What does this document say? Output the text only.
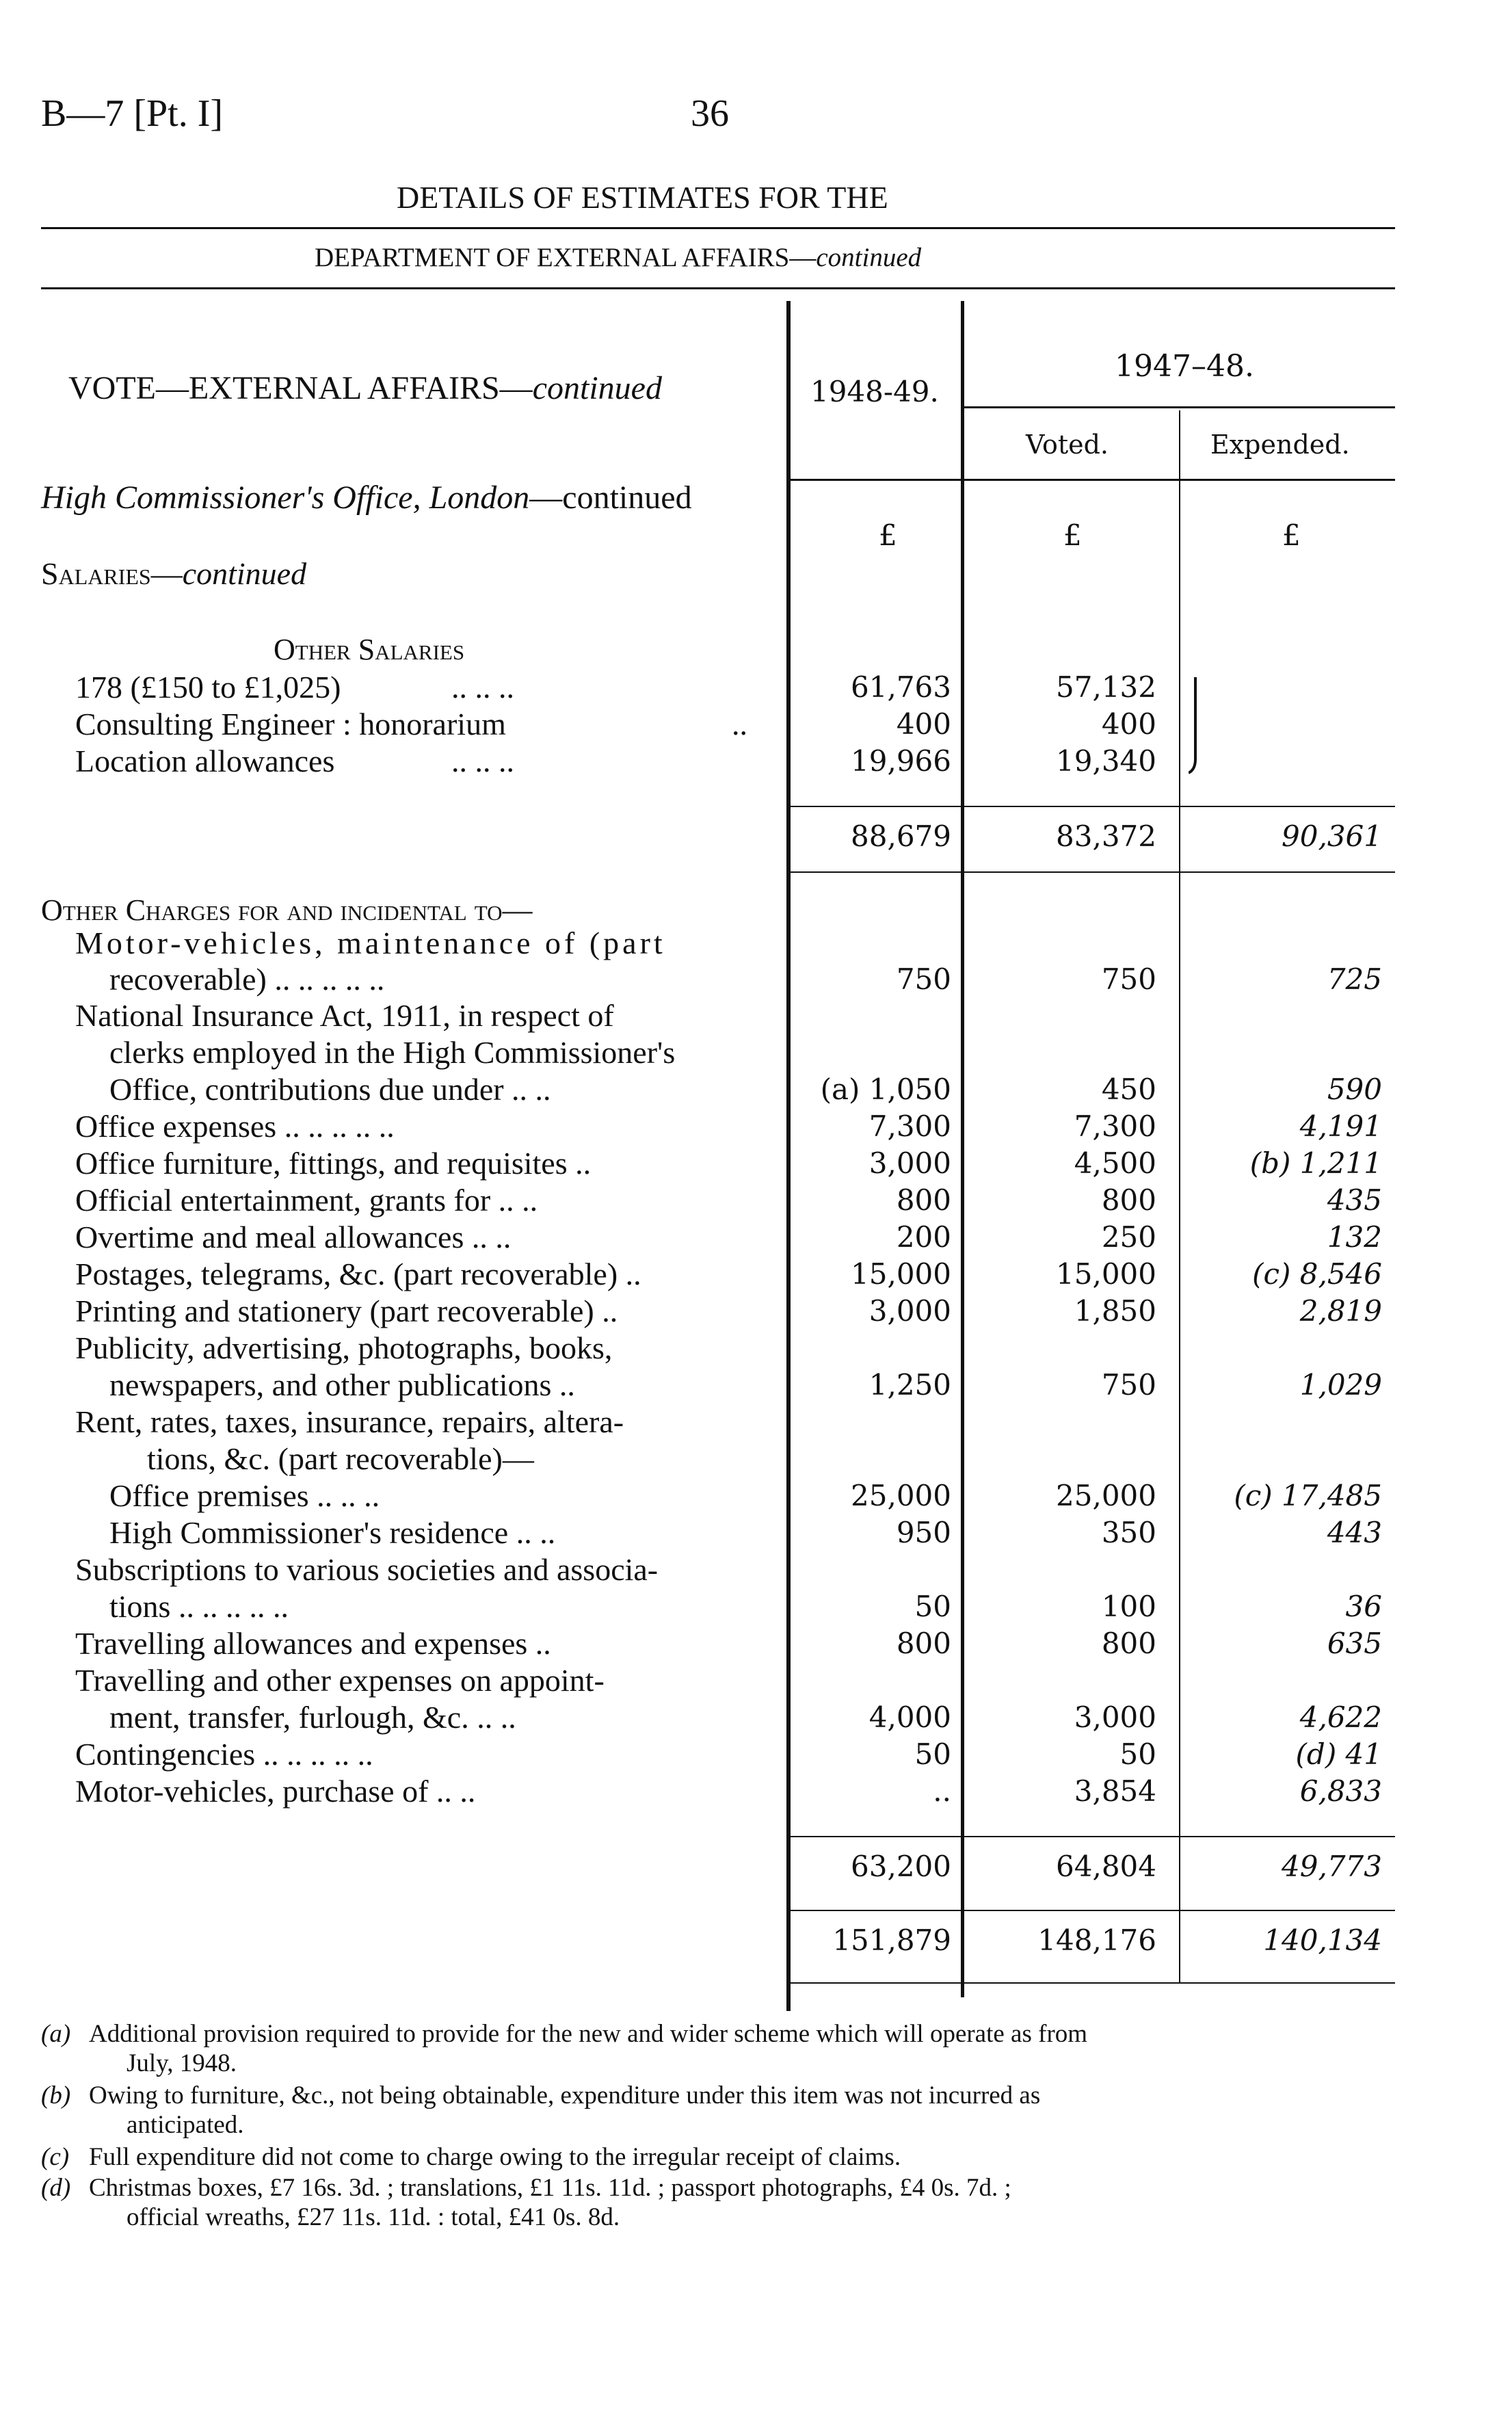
B—7 [Pt. I]	36
DETAILS OF ESTIMATES FOR THE
DEPARTMENT OF EXTERNAL AFFAIRS—continued
VOTE—EXTERNAL AFFAIRS—continued	1948-49.
1947–48.
Voted.	Expended.
High Commissioner's Office, London—continued
Salaries—continued
£	£	£
Other Salaries
178 (£150 to £1,025)	.. .. ..	61,763	57,132
Consulting Engineer : honorarium	..	400	400
Location allowances	.. .. ..	19,966	19,340
88,679	83,372	90,361
Other Charges for and incidental to—
Motor-vehicles, maintenance of (part
recoverable) .. .. .. .. ..	750	750	725
National Insurance Act, 1911, in respect of
clerks employed in the High Commissioner's
Office, contributions due under .. ..	(a) 1,050	450	590
Office expenses .. .. .. .. ..	7,300	7,300	4,191
Office furniture, fittings, and requisites ..	3,000	4,500	(b) 1,211
Official entertainment, grants for .. ..	800	800	435
Overtime and meal allowances .. ..	200	250	132
Postages, telegrams, &c. (part recoverable) ..	15,000	15,000	(c) 8,546
Printing and stationery (part recoverable) ..	3,000	1,850	2,819
Publicity, advertising, photographs, books,
newspapers, and other publications ..	1,250	750	1,029
Rent, rates, taxes, insurance, repairs, altera-
tions, &c. (part recoverable)—
Office premises .. .. ..	25,000	25,000	(c) 17,485
High Commissioner's residence .. ..	950	350	443
Subscriptions to various societies and associa-
tions .. .. .. .. ..	50	100	36
Travelling allowances and expenses ..	800	800	635
Travelling and other expenses on appoint-
ment, transfer, furlough, &c. .. ..	4,000	3,000	4,622
Contingencies .. .. .. .. ..	50	50	(d) 41
Motor-vehicles, purchase of .. ..	..	3,854	6,833
63,200	64,804	49,773
151,879	148,176	140,134
(a) Additional provision required to provide for the new and wider scheme which will operate as from
July, 1948.
(b) Owing to furniture, &c., not being obtainable, expenditure under this item was not incurred as
anticipated.
(c) Full expenditure did not come to charge owing to the irregular receipt of claims.
(d) Christmas boxes, £7 16s. 3d. ; translations, £1 11s. 11d. ; passport photographs, £4 0s. 7d. ;
official wreaths, £27 11s. 11d. : total, £41 0s. 8d.
